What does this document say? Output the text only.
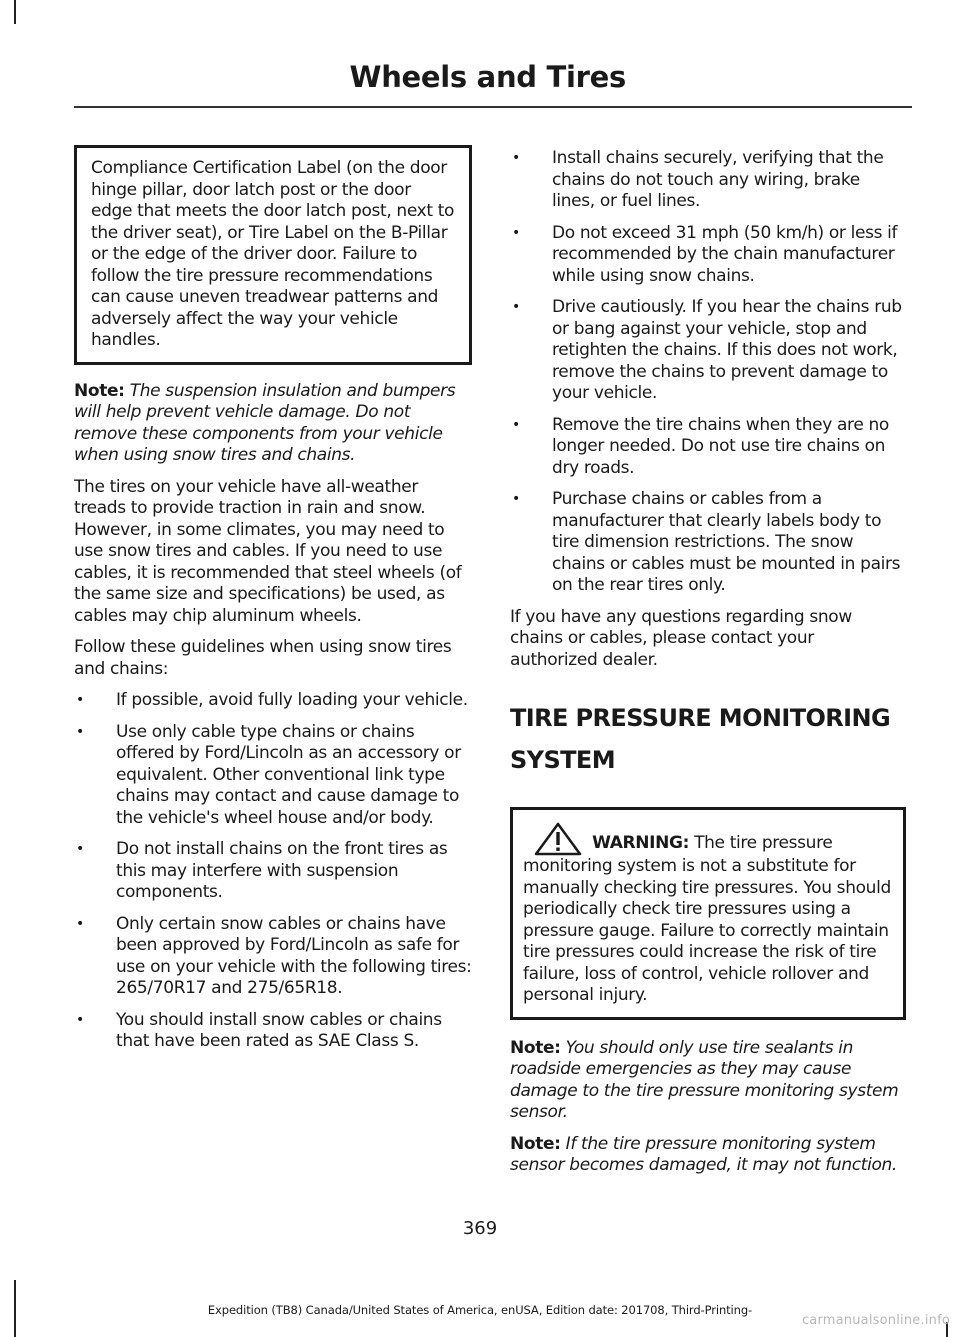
Wheels and Tires
Compliance Certification Label (on the door hinge pillar, door latch post or the door edge that meets the door latch post, next to the driver seat), or Tire Label on the B-Pillar or the edge of the driver door. Failure to follow the tire pressure recommendations can cause uneven treadwear patterns and adversely affect the way your vehicle handles.

Note: The suspension insulation and bumpers will help prevent vehicle damage. Do not remove these components from your vehicle when using snow tires and chains.

The tires on your vehicle have all-weather treads to provide traction in rain and snow. However, in some climates, you may need to use snow tires and cables. If you need to use cables, it is recommended that steel wheels (of the same size and specifications) be used, as cables may chip aluminum wheels.

Follow these guidelines when using snow tires and chains:

• If possible, avoid fully loading your vehicle.
• Use only cable type chains or chains offered by Ford/Lincoln as an accessory or equivalent. Other conventional link type chains may contact and cause damage to the vehicle's wheel house and/or body.
• Do not install chains on the front tires as this may interfere with suspension components.
• Only certain snow cables or chains have been approved by Ford/Lincoln as safe for use on your vehicle with the following tires: 265/70R17 and 275/65R18.
• You should install snow cables or chains that have been rated as SAE Class S.
• Install chains securely, verifying that the chains do not touch any wiring, brake lines, or fuel lines.
• Do not exceed 31 mph (50 km/h) or less if recommended by the chain manufacturer while using snow chains.
• Drive cautiously. If you hear the chains rub or bang against your vehicle, stop and retighten the chains. If this does not work, remove the chains to prevent damage to your vehicle.
• Remove the tire chains when they are no longer needed. Do not use tire chains on dry roads.
• Purchase chains or cables from a manufacturer that clearly labels body to tire dimension restrictions. The snow chains or cables must be mounted in pairs on the rear tires only.

If you have any questions regarding snow chains or cables, please contact your authorized dealer.

TIRE PRESSURE MONITORING
SYSTEM
WARNING: The tire pressure monitoring system is not a substitute for manually checking tire pressures. You should periodically check tire pressures using a pressure gauge. Failure to correctly maintain tire pressures could increase the risk of tire failure, loss of control, vehicle rollover and personal injury.

Note: You should only use tire sealants in roadside emergencies as they may cause damage to the tire pressure monitoring system sensor.

Note: If the tire pressure monitoring system sensor becomes damaged, it may not function.

369
Expedition (TB8) Canada/United States of America, enUSA, Edition date: 201708, Third-Printing-
carmanualsonline.info
